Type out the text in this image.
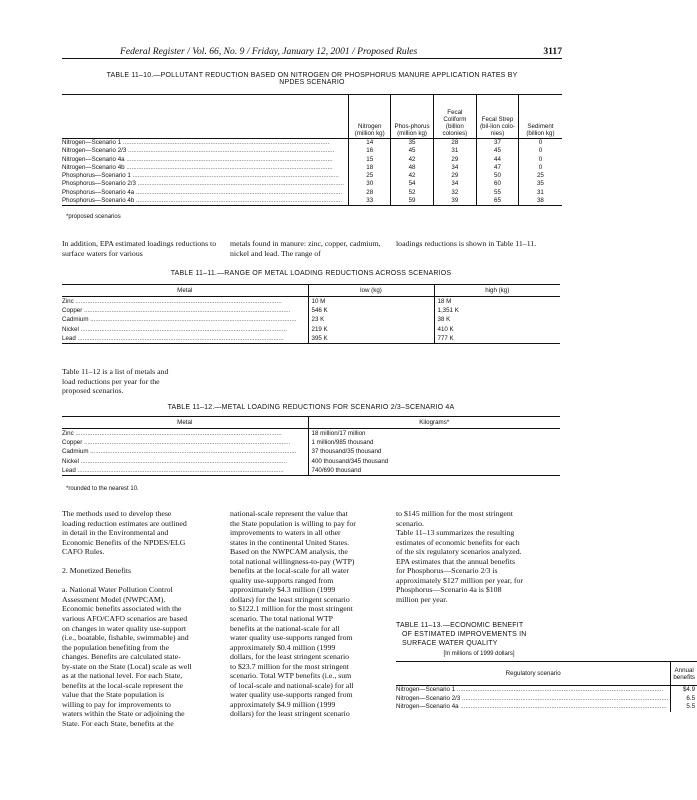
Federal Register / Vol. 66, No. 9 / Friday, January 12, 2001 / Proposed Rules	3117
TABLE 11–10.—POLLUTANT REDUCTION BASED ON NITROGEN OR PHOSPHORUS MANURE APPLICATION RATES BY
NPDES SCENARIO
	Nitrogen (million kg)	Phos-phorus (million kg)	Fecal Coliform (billion colonies)	Fecal Strep (bil-lion colo-nies)	Sediment (billion kg)
Nitrogen—Scenario 1 ........................................................................................................................	14	35	28	37	0
Nitrogen—Scenario 2/3 ........................................................................................................................	16	45	31	45	0
Nitrogen—Scenario 4a ........................................................................................................................	15	42	29	44	0
Nitrogen—Scenario 4b ........................................................................................................................	18	48	34	47	0
Phosphorus—Scenario 1 ........................................................................................................................	25	42	29	50	25
Phosphorus—Scenario 2/3 ........................................................................................................................	30	54	34	60	35
Phosphorus—Scenario 4a ........................................................................................................................	28	52	32	55	31
Phosphorus—Scenario 4b ........................................................................................................................	33	59	39	65	38
*proposed scenarios
In addition, EPA estimated loadings reductions to surface waters for various
metals found in manure: zinc, copper, cadmium, nickel and lead. The range of
loadings reductions is shown in Table 11–11.
TABLE 11–11.—RANGE OF METAL LOADING REDUCTIONS ACROSS SCENARIOS
Metal	low (kg)	high (kg)
Zinc ........................................................................................................................	10 M	18 M
Copper ........................................................................................................................	546 K	1,351 K
Cadmium ........................................................................................................................	23 K	38 K
Nickel ........................................................................................................................	219 K	410 K
Lead ........................................................................................................................	395 K	777 K
Table 11–12 is a list of metals and
load reductions per year for the
proposed scenarios.
TABLE 11–12.—METAL LOADING REDUCTIONS FOR SCENARIO 2/3–SCENARIO 4A
Metal	Kilograms*
Zinc ........................................................................................................................	18 million/17 million
Copper ........................................................................................................................	1 million/985 thousand
Cadmium ........................................................................................................................	37 thousand/35 thousand
Nickel ........................................................................................................................	400 thousand/345 thousand
Lead ........................................................................................................................	740/690 thousand
*rounded to the nearest 10.
The methods used to develop these
loading reduction estimates are outlined
in detail in the Environmental and
Economic Benefits of the NPDES/ELG
CAFO Rules.
2. Monetized Benefits
a. National Water Pollution Control
Assessment Model (NWPCAM).
Economic benefits associated with the
various AFO/CAFO scenarios are based
on changes in water quality use-support
(i.e., boatable, fishable, swimmable) and
the population benefiting from the
changes. Benefits are calculated state-
by-state on the State (Local) scale as well
as at the national level. For each State,
benefits at the local-scale represent the
value that the State population is
willing to pay for improvements to
waters within the State or adjoining the
State. For each State, benefits at the
national-scale represent the value that
the State population is willing to pay for
improvements to waters in all other
states in the continental United States.
Based on the NWPCAM analysis, the
total national willingness-to-pay (WTP)
benefits at the local-scale for all water
quality use-supports ranged from
approximately $4.3 million (1999
dollars) for the least stringent scenario
to $122.1 million for the most stringent
scenario. The total national WTP
benefits at the national-scale for all
water quality use-supports ranged from
approximately $0.4 million (1999
dollars, for the least stringent scenario
to $23.7 million for the most stringent
scenario. Total WTP benefits (i.e., sum
of local-scale and national-scale) for all
water quality use-supports ranged from
approximately $4.9 million (1999
dollars) for the least stringent scenario
to $145 million for the most stringent
scenario.
Table 11–13 summarizes the resulting
estimates of economic benefits for each
of the six regulatory scenarios analyzed.
EPA estimates that the annual benefits
for Phosphorus—Scenario 2/3 is
approximately $127 million per year, for
Phosphorus—Scenario 4a is $108
million per year.
TABLE 11–13.—ECONOMIC BENEFIT
OF ESTIMATED IMPROVEMENTS IN
SURFACE WATER QUALITY
[In millions of 1999 dollars]
Regulatory scenario	Annual benefits
Nitrogen—Scenario 1 ........................................................................................................................	$4.9
Nitrogen—Scenario 2/3 ........................................................................................................................	6.5
Nitrogen—Scenario 4a ........................................................................................................................	5.5
